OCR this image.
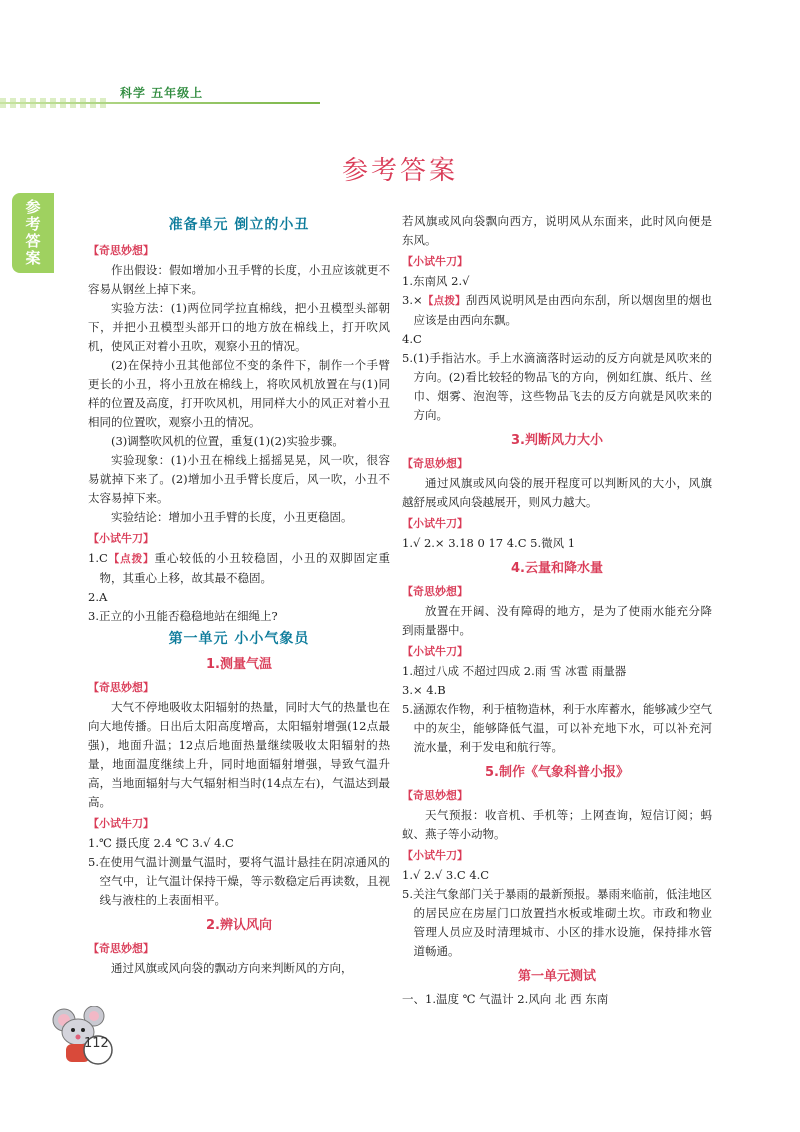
科学 五年级上
参考答案
参考答案
准备单元 倒立的小丑
【奇思妙想】

作出假设：假如增加小丑手臂的长度，小丑应该就更不容易从钢丝上掉下来。

实验方法：(1)两位同学拉直棉线，把小丑模型头部朝下，并把小丑模型头部开口的地方放在棉线上，打开吹风机，使风正对着小丑吹，观察小丑的情况。

(2)在保持小丑其他部位不变的条件下，制作一个手臂更长的小丑，将小丑放在棉线上，将吹风机放置在与(1)同样的位置及高度，打开吹风机，用同样大小的风正对着小丑相同的位置吹，观察小丑的情况。

(3)调整吹风机的位置，重复(1)(2)实验步骤。

实验现象：(1)小丑在棉线上摇摇晃晃，风一吹，很容易就掉下来了。(2)增加小丑手臂长度后，风一吹，小丑不太容易掉下来。

实验结论：增加小丑手臂的长度，小丑更稳固。

【小试牛刀】

1.C【点拨】重心较低的小丑较稳固，小丑的双脚固定重物，其重心上移，故其最不稳固。

2.A

3.正立的小丑能否稳稳地站在细绳上?

第一单元 小小气象员
1.测量气温
【奇思妙想】

大气不停地吸收太阳辐射的热量，同时大气的热量也在向大地传播。日出后太阳高度增高，太阳辐射增强(12点最强)，地面升温；12点后地面热量继续吸收太阳辐射的热量，地面温度继续上升，同时地面辐射增强，导致气温升高，当地面辐射与大气辐射相当时(14点左右)，气温达到最高。

【小试牛刀】

1.℃ 摄氏度 2.4 ℃ 3.√ 4.C

5.在使用气温计测量气温时，要将气温计悬挂在阴凉通风的空气中，让气温计保持干燥，等示数稳定后再读数，且视线与液柱的上表面相平。

2.辨认风向
【奇思妙想】

通过风旗或风向袋的飘动方向来判断风的方向，

若风旗或风向袋飘向西方，说明风从东面来，此时风向便是东风。

【小试牛刀】

1.东南风 2.√

3.×【点拨】刮西风说明风是由西向东刮，所以烟囱里的烟也应该是由西向东飘。

4.C

5.(1)手指沾水。手上水滴滴落时运动的反方向就是风吹来的方向。(2)看比较轻的物品飞的方向，例如红旗、纸片、丝巾、烟雾、泡泡等，这些物品飞去的反方向就是风吹来的方向。

3.判断风力大小
【奇思妙想】

通过风旗或风向袋的展开程度可以判断风的大小，风旗越舒展或风向袋越展开，则风力越大。

【小试牛刀】

1.√ 2.× 3.18 0 17 4.C 5.微风 1

4.云量和降水量
【奇思妙想】

放置在开阔、没有障碍的地方，是为了使雨水能充分降到雨量器中。

【小试牛刀】

1.超过八成 不超过四成 2.雨 雪 冰雹 雨量器

3.× 4.B

5.涵源农作物，利于植物造林，利于水库蓄水，能够减少空气中的灰尘，能够降低气温，可以补充地下水，可以补充河流水量，利于发电和航行等。

5.制作《气象科普小报》
【奇思妙想】

天气预报：收音机、手机等；上网查询，短信订阅；蚂蚁、燕子等小动物。

【小试牛刀】

1.√ 2.√ 3.C 4.C

5.关注气象部门关于暴雨的最新预报。暴雨来临前，低洼地区的居民应在房屋门口放置挡水板或堆砌土坎。市政和物业管理人员应及时清理城市、小区的排水设施，保持排水管道畅通。

第一单元测试

一、1.温度 ℃ 气温计 2.风向 北 西 东南

112
